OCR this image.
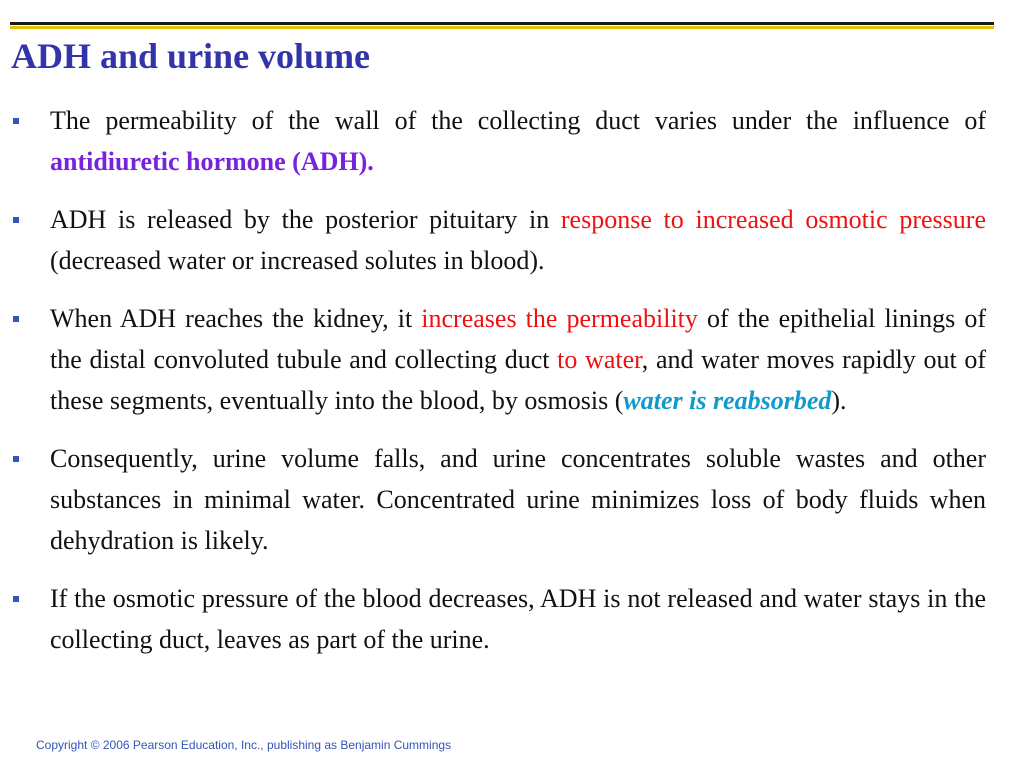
ADH and urine volume
The permeability of the wall of the collecting duct varies under the influence of antidiuretic hormone (ADH).
ADH is released by the posterior pituitary in response to increased osmotic pressure (decreased water or increased solutes in blood).
When ADH reaches the kidney, it increases the permeability of the epithelial linings of the distal convoluted tubule and collecting duct to water, and water moves rapidly out of these segments, eventually into the blood, by osmosis (water is reabsorbed).
Consequently, urine volume falls, and urine concentrates soluble wastes and other substances in minimal water. Concentrated urine minimizes loss of body fluids when dehydration is likely.
If the osmotic pressure of the blood decreases, ADH is not released and water stays in the collecting duct, leaves as part of the urine.

Copyright © 2006 Pearson Education, Inc., publishing as Benjamin Cummings
